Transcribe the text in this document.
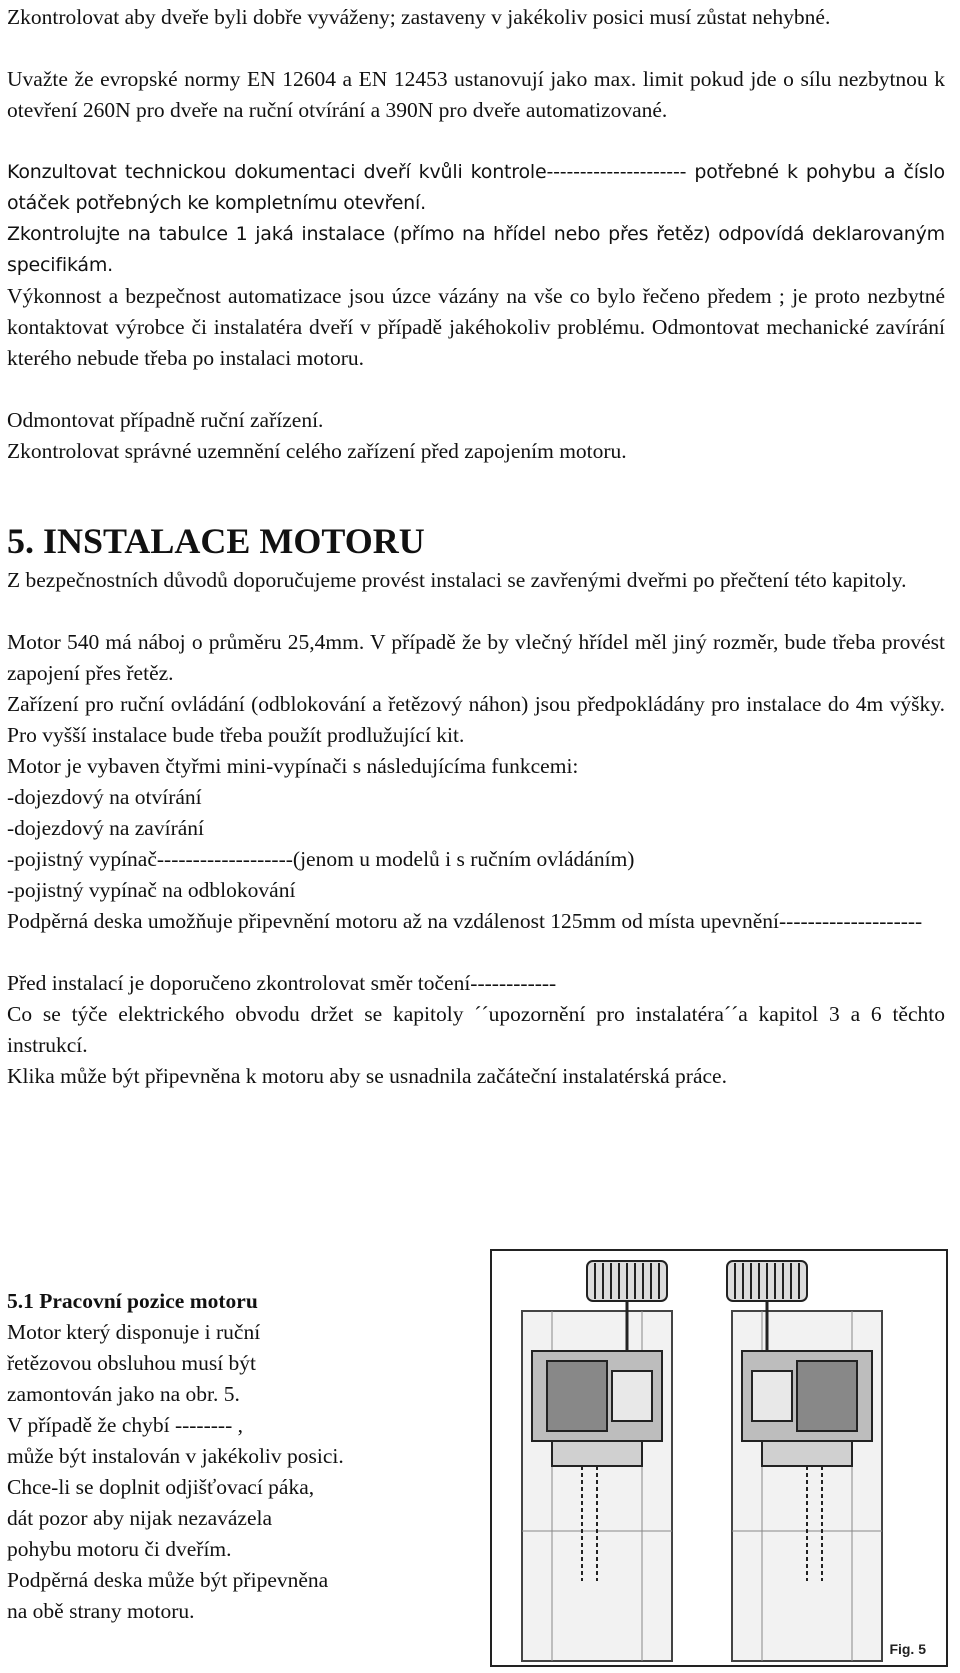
Zkontrolovat aby dveře byli dobře vyváženy; zastaveny v jakékoliv posici musí zůstat nehybné.

Uvažte že evropské normy EN 12604 a EN 12453 ustanovují jako max. limit pokud jde o sílu nezbytnou k otevření 260N pro dveře na ruční otvírání a 390N pro dveře automatizované.

Konzultovat technickou dokumentaci dveří kvůli kontrole--------------------- potřebné k pohybu a číslo otáček potřebných ke kompletnímu otevření.

Zkontrolujte na tabulce 1 jaká instalace (přímo na hřídel nebo přes řetěz) odpovídá deklarovaným specifikám.

Výkonnost a bezpečnost automatizace jsou úzce vázány na vše co bylo řečeno předem ; je proto nezbytné kontaktovat výrobce či instalatéra dveří v případě jakéhokoliv problému. Odmontovat mechanické zavírání kterého nebude třeba po instalaci motoru.

Odmontovat případně ruční zařízení.

Zkontrolovat správné uzemnění celého zařízení před zapojením motoru.

5. INSTALACE MOTORU

Z bezpečnostních důvodů doporučujeme provést instalaci se zavřenými dveřmi po přečtení této kapitoly.

Motor 540 má náboj o průměru 25,4mm. V případě že by vlečný hřídel měl jiný rozměr, bude třeba provést zapojení přes řetěz.

Zařízení pro ruční ovládání (odblokování a řetězový náhon) jsou předpokládány pro instalace do 4m výšky. Pro vyšší instalace bude třeba použít prodlužující kit.

Motor je vybaven čtyřmi mini-vypínači s následujícíma funkcemi:

-dojezdový na otvírání

-dojezdový na zavírání

-pojistný vypínač-------------------(jenom u modelů i s ručním ovládáním)

-pojistný vypínač na odblokování

Podpěrná deska umožňuje připevnění motoru až na vzdálenost 125mm od místa upevnění--------------------

Před instalací je doporučeno zkontrolovat směr točení------------

Co se týče elektrického obvodu držet se kapitoly ´´upozornění pro instalatéra´´a kapitol 3 a 6 těchto instrukcí.

Klika může být připevněna k motoru aby se usnadnila začáteční instalatérská práce.

5.1 Pracovní pozice motoru

Motor který disponuje i ruční

řetězovou obsluhou musí být

zamontován jako na obr. 5.

V případě že chybí -------- ,

může být instalován v jakékoliv posici.

Chce-li se doplnit odjišťovací páka,

dát pozor aby nijak nezavázela

pohybu motoru či dveřím.

Podpěrná deska může být připevněna

na obě strany motoru.

Fig. 5
